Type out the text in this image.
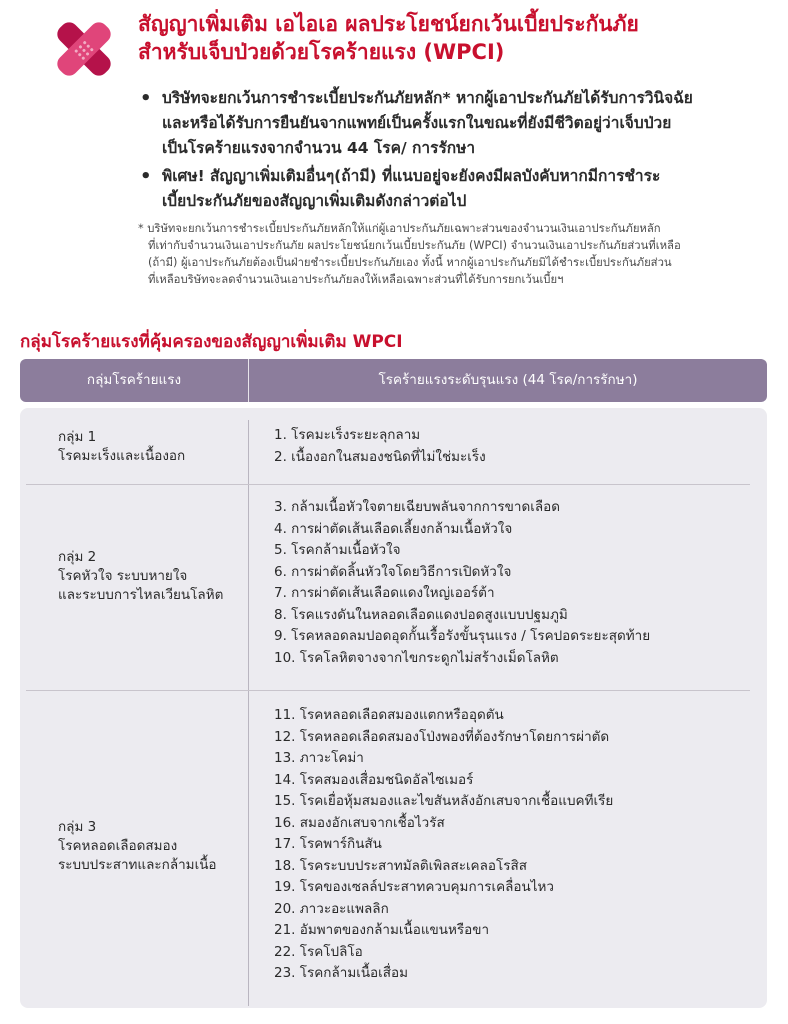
สัญญาเพิ่มเติม เอไอเอ ผลประโยชน์ยกเว้นเบี้ยประกันภัย
สำหรับเจ็บป่วยด้วยโรคร้ายแรง (WPCI)
• บริษัทจะยกเว้นการชำระเบี้ยประกันภัยหลัก* หากผู้เอาประกันภัยได้รับการวินิจฉัย
และหรือได้รับการยืนยันจากแพทย์เป็นครั้งแรกในขณะที่ยังมีชีวิตอยู่ว่าเจ็บป่วย
เป็นโรคร้ายแรงจากจำนวน 44 โรค/ การรักษา
• พิเศษ! สัญญาเพิ่มเติมอื่นๆ(ถ้ามี) ที่แนบอยู่จะยังคงมีผลบังคับหากมีการชำระ
เบี้ยประกันภัยของสัญญาเพิ่มเติมดังกล่าวต่อไป
* บริษัทจะยกเว้นการชำระเบี้ยประกันภัยหลักให้แก่ผู้เอาประกันภัยเฉพาะส่วนของจำนวนเงินเอาประกันภัยหลัก
ที่เท่ากับจำนวนเงินเอาประกันภัย ผลประโยชน์ยกเว้นเบี้ยประกันภัย (WPCI) จำนวนเงินเอาประกันภัยส่วนที่เหลือ
(ถ้ามี) ผู้เอาประกันภัยต้องเป็นฝ่ายชำระเบี้ยประกันภัยเอง ทั้งนี้ หากผู้เอาประกันภัยมิได้ชำระเบี้ยประกันภัยส่วน
ที่เหลือบริษัทจะลดจำนวนเงินเอาประกันภัยลงให้เหลือเฉพาะส่วนที่ได้รับการยกเว้นเบี้ยฯ
กลุ่มโรคร้ายแรงที่คุ้มครองของสัญญาเพิ่มเติม WPCI
กลุ่มโรคร้ายแรง	โรคร้ายแรงระดับรุนแรง (44 โรค/การรักษา)
กลุ่ม 1
โรคมะเร็งและเนื้องอก
1. โรคมะเร็งระยะลุกลาม
2. เนื้องอกในสมองชนิดที่ไม่ใช่มะเร็ง
กลุ่ม 2
โรคหัวใจ ระบบหายใจ
และระบบการไหลเวียนโลหิต
3. กล้ามเนื้อหัวใจตายเฉียบพลันจากการขาดเลือด
4. การผ่าตัดเส้นเลือดเลี้ยงกล้ามเนื้อหัวใจ
5. โรคกล้ามเนื้อหัวใจ
6. การผ่าตัดลิ้นหัวใจโดยวิธีการเปิดหัวใจ
7. การผ่าตัดเส้นเลือดแดงใหญ่เออร์ต้า
8. โรคแรงดันในหลอดเลือดแดงปอดสูงแบบปฐมภูมิ
9. โรคหลอดลมปอดอุดกั้นเรื้อรังขั้นรุนแรง / โรคปอดระยะสุดท้าย
10. โรคโลหิตจางจากไขกระดูกไม่สร้างเม็ดโลหิต
กลุ่ม 3
โรคหลอดเลือดสมอง
ระบบประสาทและกล้ามเนื้อ
11. โรคหลอดเลือดสมองแตกหรืออุดตัน
12. โรคหลอดเลือดสมองโป่งพองที่ต้องรักษาโดยการผ่าตัด
13. ภาวะโคม่า
14. โรคสมองเสื่อมชนิดอัลไซเมอร์
15. โรคเยื่อหุ้มสมองและไขสันหลังอักเสบจากเชื้อแบคทีเรีย
16. สมองอักเสบจากเชื้อไวรัส
17. โรคพาร์กินสัน
18. โรคระบบประสาทมัลติเพิลสะเคลอโรสิส
19. โรคของเซลล์ประสาทควบคุมการเคลื่อนไหว
20. ภาวะอะแพลลิก
21. อัมพาตของกล้ามเนื้อแขนหรือขา
22. โรคโปลิโอ
23. โรคกล้ามเนื้อเสื่อม
